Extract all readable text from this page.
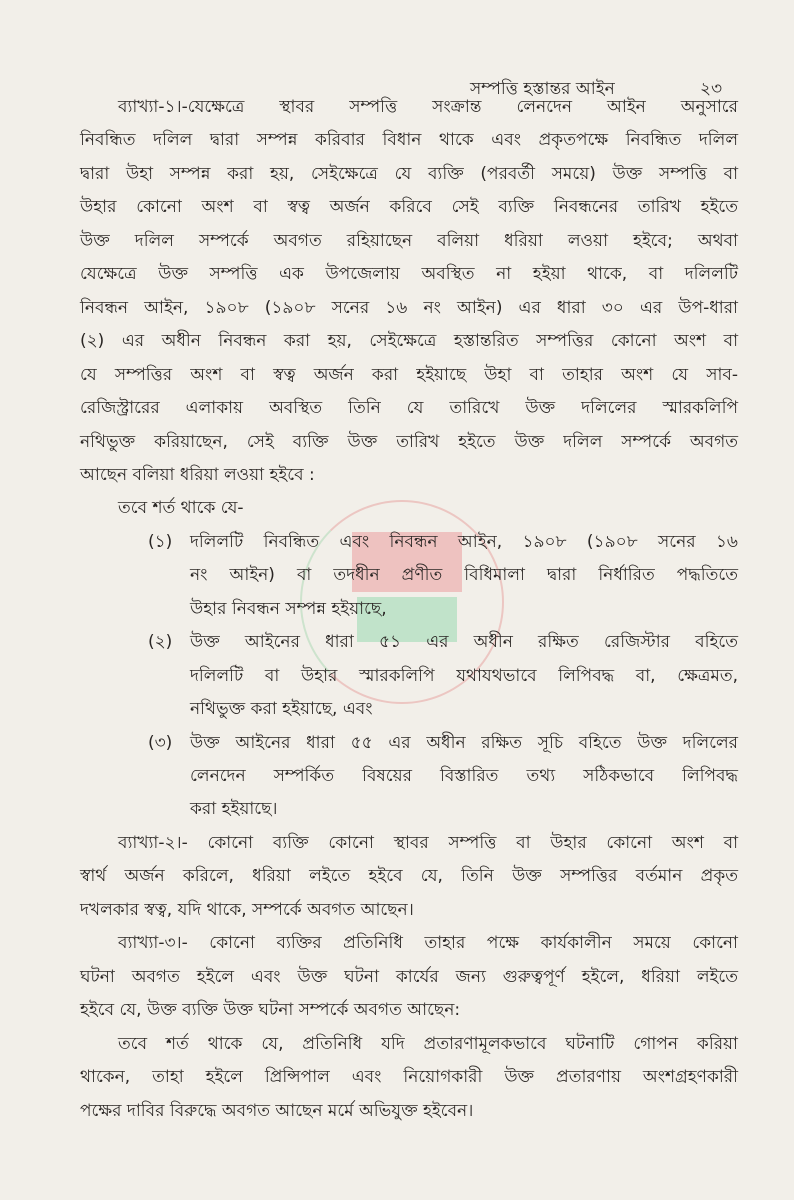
সম্পত্তি হস্তান্তর আইন	২৩
ব্যাখ্যা-১।-যেক্ষেত্রে স্থাবর সম্পত্তি সংক্রান্ত লেনদেন আইন অনুসারে
নিবন্ধিত দলিল দ্বারা সম্পন্ন করিবার বিধান থাকে এবং প্রকৃতপক্ষে নিবন্ধিত দলিল
দ্বারা উহা সম্পন্ন করা হয়, সেইক্ষেত্রে যে ব্যক্তি (পরবর্তী সময়ে) উক্ত সম্পত্তি বা
উহার কোনো অংশ বা স্বত্ব অর্জন করিবে সেই ব্যক্তি নিবন্ধনের তারিখ হইতে
উক্ত দলিল সম্পর্কে অবগত রহিয়াছেন বলিয়া ধরিয়া লওয়া হইবে; অথবা
যেক্ষেত্রে উক্ত সম্পত্তি এক উপজেলায় অবস্থিত না হইয়া থাকে, বা দলিলটি
নিবন্ধন আইন, ১৯০৮ (১৯০৮ সনের ১৬ নং আইন) এর ধারা ৩০ এর উপ-ধারা
(২) এর অধীন নিবন্ধন করা হয়, সেইক্ষেত্রে হস্তান্তরিত সম্পত্তির কোনো অংশ বা
যে সম্পত্তির অংশ বা স্বত্ব অর্জন করা হইয়াছে উহা বা তাহার অংশ যে সাব-
রেজিস্ট্রারের এলাকায় অবস্থিত তিনি যে তারিখে উক্ত দলিলের স্মারকলিপি
নথিভুক্ত করিয়াছেন, সেই ব্যক্তি উক্ত তারিখ হইতে উক্ত দলিল সম্পর্কে অবগত
আছেন বলিয়া ধরিয়া লওয়া হইবে :
তবে শর্ত থাকে যে-
(১) দলিলটি নিবন্ধিত এবং নিবন্ধন আইন, ১৯০৮ (১৯০৮ সনের ১৬
নং আইন) বা তদধীন প্রণীত বিধিমালা দ্বারা নির্ধারিত পদ্ধতিতে
উহার নিবন্ধন সম্পন্ন হইয়াছে,
(২) উক্ত আইনের ধারা ৫১ এর অধীন রক্ষিত রেজিস্টার বহিতে
দলিলটি বা উহার স্মারকলিপি যথাযথভাবে লিপিবদ্ধ বা, ক্ষেত্রমত,
নথিভুক্ত করা হইয়াছে, এবং
(৩) উক্ত আইনের ধারা ৫৫ এর অধীন রক্ষিত সূচি বহিতে উক্ত দলিলের
লেনদেন সম্পর্কিত বিষয়ের বিস্তারিত তথ্য সঠিকভাবে লিপিবদ্ধ
করা হইয়াছে।
ব্যাখ্যা-২।- কোনো ব্যক্তি কোনো স্থাবর সম্পত্তি বা উহার কোনো অংশ বা
স্বার্থ অর্জন করিলে, ধরিয়া লইতে হইবে যে, তিনি উক্ত সম্পত্তির বর্তমান প্রকৃত
দখলকার স্বত্ব, যদি থাকে, সম্পর্কে অবগত আছেন।
ব্যাখ্যা-৩।- কোনো ব্যক্তির প্রতিনিধি তাহার পক্ষে কার্যকালীন সময়ে কোনো
ঘটনা অবগত হইলে এবং উক্ত ঘটনা কার্যের জন্য গুরুত্বপূর্ণ হইলে, ধরিয়া লইতে
হইবে যে, উক্ত ব্যক্তি উক্ত ঘটনা সম্পর্কে অবগত আছেন:
তবে শর্ত থাকে যে, প্রতিনিধি যদি প্রতারণামূলকভাবে ঘটনাটি গোপন করিয়া
থাকেন, তাহা হইলে প্রিন্সিপাল এবং নিয়োগকারী উক্ত প্রতারণায় অংশগ্রহণকারী
পক্ষের দাবির বিরুদ্ধে অবগত আছেন মর্মে অভিযুক্ত হইবেন।
